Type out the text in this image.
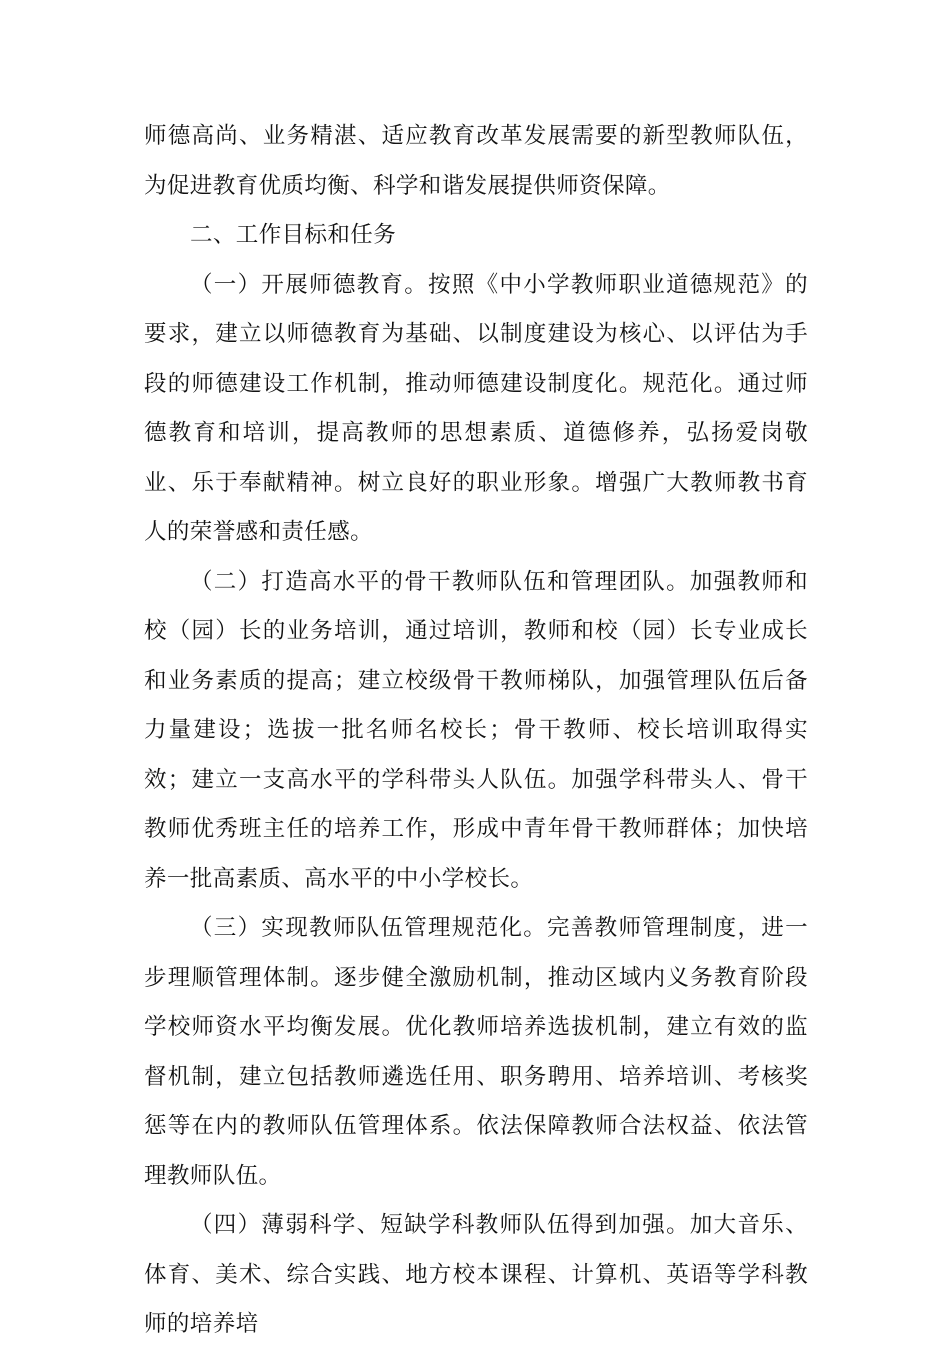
师德高尚、业务精湛、适应教育改革发展需要的新型教师队伍，为促进教育优质均衡、科学和谐发展提供师资保障。

二、工作目标和任务

（一）开展师德教育。按照《中小学教师职业道德规范》的要求，建立以师德教育为基础、以制度建设为核心、以评估为手段的师德建设工作机制，推动师德建设制度化。规范化。通过师德教育和培训，提高教师的思想素质、道德修养，弘扬爱岗敬业、乐于奉献精神。树立良好的职业形象。增强广大教师教书育人的荣誉感和责任感。

（二）打造高水平的骨干教师队伍和管理团队。加强教师和校（园）长的业务培训，通过培训，教师和校（园）长专业成长和业务素质的提高；建立校级骨干教师梯队，加强管理队伍后备力量建设；选拔一批名师名校长；骨干教师、校长培训取得实效；建立一支高水平的学科带头人队伍。加强学科带头人、骨干教师优秀班主任的培养工作，形成中青年骨干教师群体；加快培养一批高素质、高水平的中小学校长。

（三）实现教师队伍管理规范化。完善教师管理制度，进一步理顺管理体制。逐步健全激励机制，推动区域内义务教育阶段学校师资水平均衡发展。优化教师培养选拔机制，建立有效的监督机制，建立包括教师遴选任用、职务聘用、培养培训、考核奖惩等在内的教师队伍管理体系。依法保障教师合法权益、依法管理教师队伍。

（四）薄弱科学、短缺学科教师队伍得到加强。加大音乐、体育、美术、综合实践、地方校本课程、计算机、英语等学科教师的培养培
